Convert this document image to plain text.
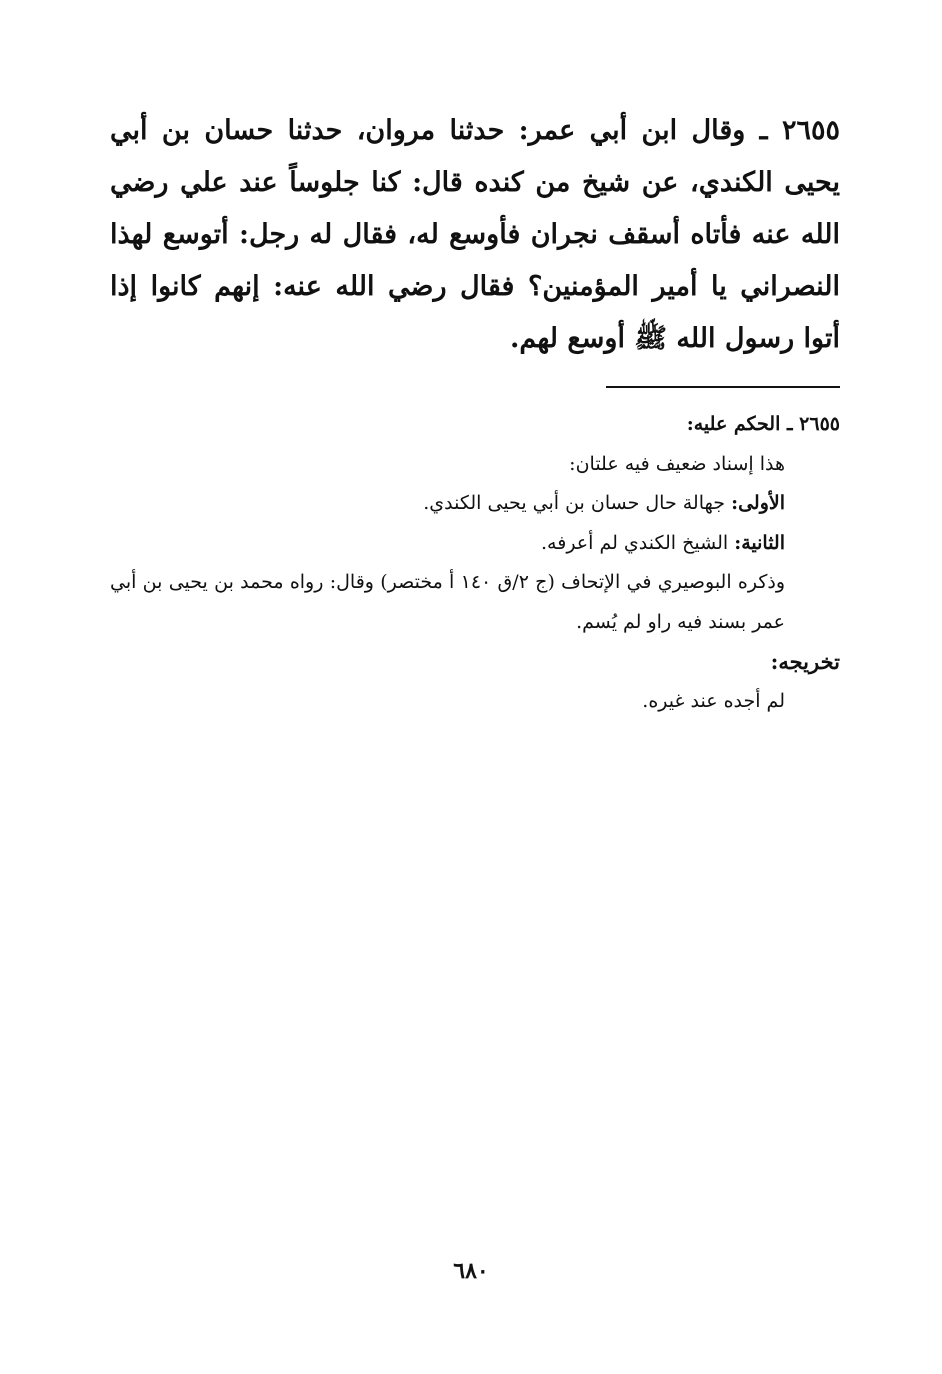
٢٦٥٥ ـ وقال ابن أبي عمر: حدثنا مروان، حدثنا حسان بن أبي يحيى الكندي، عن شيخ من كنده قال: كنا جلوساً عند علي رضي الله عنه فأتاه أسقف نجران فأوسع له، فقال له رجل: أتوسع لهذا النصراني يا أمير المؤمنين؟ فقال رضي الله عنه: إنهم كانوا إذا أتوا رسول الله ﷺ أوسع لهم.

٢٦٥٥ ـ الحكم عليه:

هذا إسناد ضعيف فيه علتان:

الأولى: جهالة حال حسان بن أبي يحيى الكندي.

الثانية: الشيخ الكندي لم أعرفه.

وذكره البوصيري في الإتحاف (ج ٢/ق ١٤٠ أ مختصر) وقال: رواه محمد بن يحيى بن أبي عمر بسند فيه راو لم يُسم.

تخريجه:

لم أجده عند غيره.

٦٨٠
